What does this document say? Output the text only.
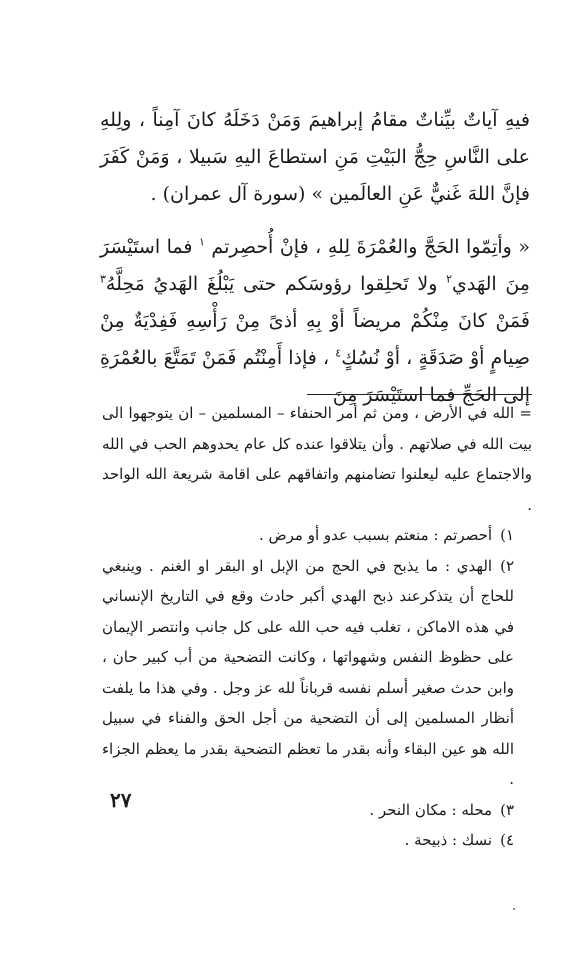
فيهِ آياتٌ بيِّناتٌ مقامُ إبراهيمَ وَمَنْ دَخَلَهُ كانَ آمِناً ، ولِلهِ على النَّاسِ حِجُّ البَيْتِ مَنِ استطاعَ اليهِ سَبيلا ، وَمَنْ كَفَرَ فإنَّ اللهَ غَنيٌّ عَنِ العالَمين » (سورة آل عمران) .

« وأتِمّوا الحَجَّ والعُمْرَةَ لِلهِ ، فإنْ أُحصِرتم $^١$ فما استَيْسَرَ مِنَ الهَدي$^٢$ ولا تَحلِقوا رؤوسَكم حتى يَبْلُغَ الهَديُ مَحِلَّهُ$^٣$ فَمَنْ كانَ مِنْكُمْ مريضاً أوْ بِهِ أذىً مِنْ رَأْسِهِ فَفِدْيَةٌ مِنْ صِيامٍ أوْ صَدَقَةٍ ، أوْ نُسُكٍ$^٤$ ، فإذا أَمِنْتُم فَمَنْ تَمَتَّعَ بالعُمْرَةِ إلى الحَجِّ فما استَيْسَرَ مِنَ

= الله في الأرض ، ومن ثم أمر الحنفاء – المسلمين – ان يتوجهوا الى بيت الله في صلاتهم . وأن يتلاقوا عنده كل عام يحدوهم الحب في الله والاجتماع عليه ليعلنوا تضامنهم واتفاقهم على اقامة شريعة الله الواحد .

١)أحصرتم : منعتم بسبب عدو أو مرض .

٢)الهدي : ما يذبح في الحج من الإبل او البقر او الغنم . وينبغي للحاج أن يتذكرعند ذبح الهدي أكبر حادث وقع في التاريخ الإنساني في هذه الاماكن ، تغلب فيه حب الله على كل جانب وانتصر الإيمان على حظوظ النفس وشهواتها ، وكانت التضحية من أب كبير حان ، وابن حدث صغير أسلم نفسه قرباناً لله عز وجل . وفي هذا ما يلفت أنظار المسلمين إلى أن التضحية من أجل الحق والفناء في سبيل الله هو عين البقاء وأنه بقدر ما تعظم التضحية بقدر ما يعظم الجزاء .

٣)محله : مكان النحر .

٤)نسك : ذبيحة .

٢٧
